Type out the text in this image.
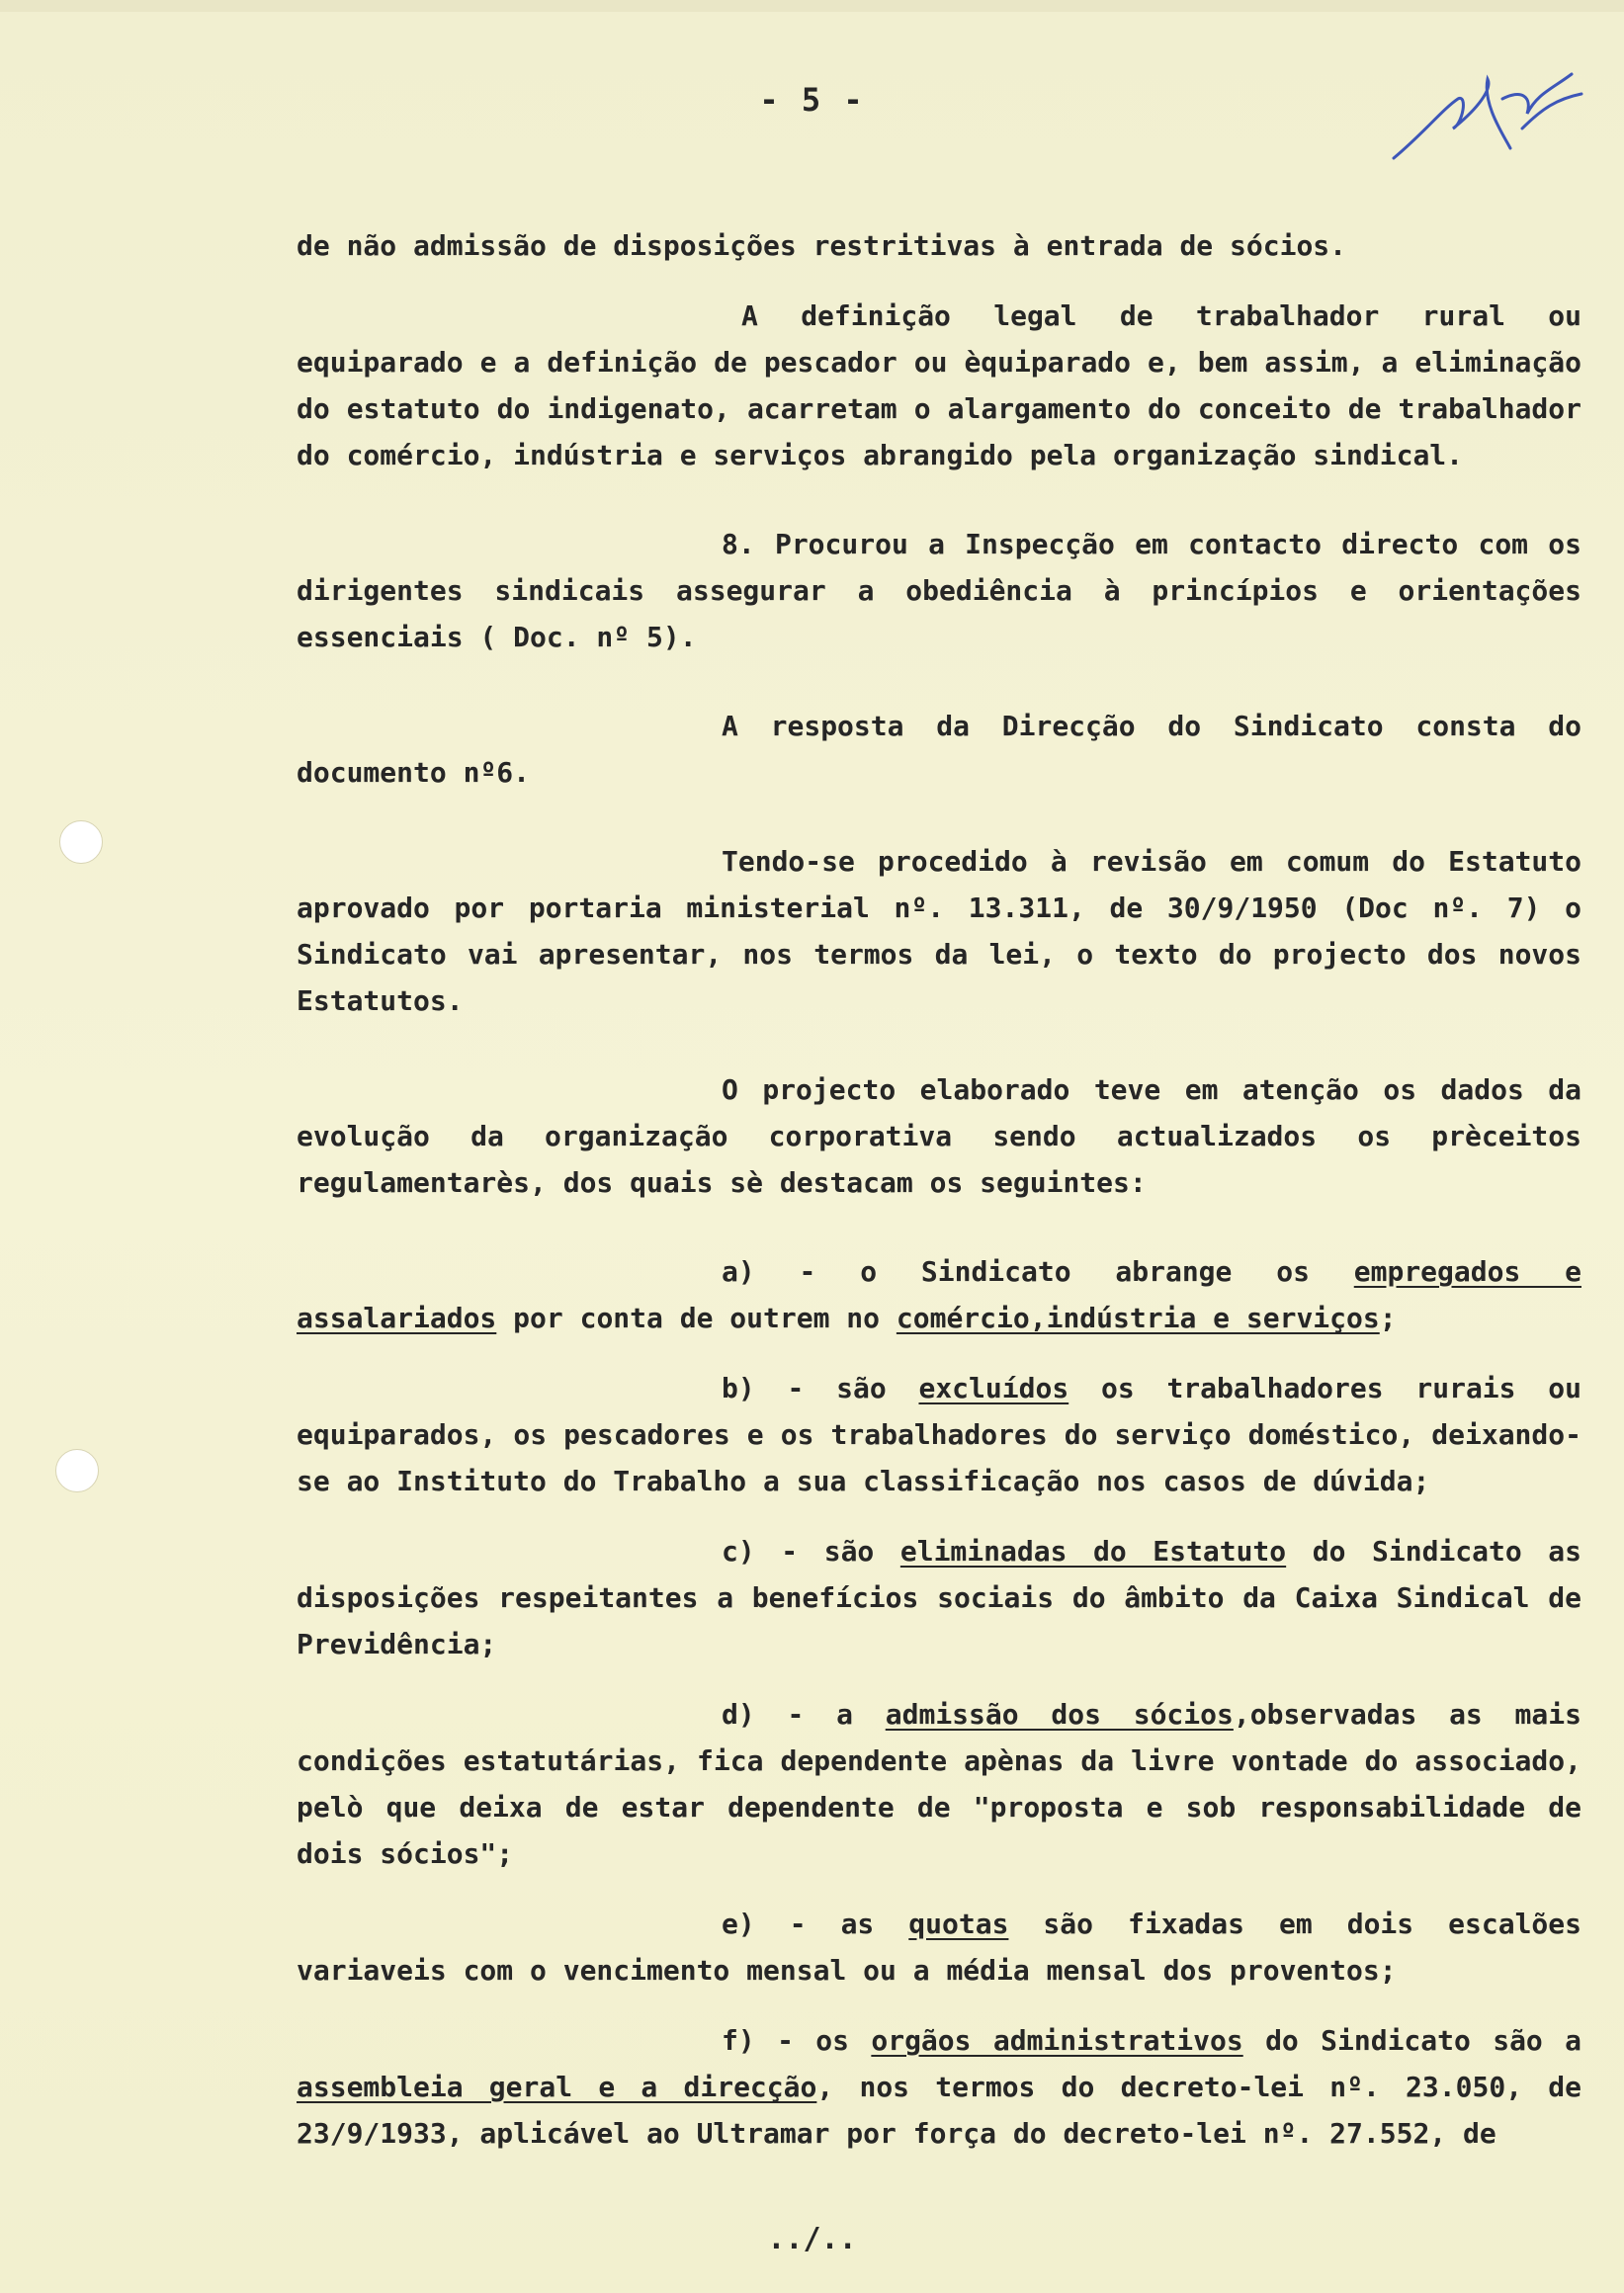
- 5 -

de não admissão de disposições restritivas à entrada de sócios.

A definição legal de trabalhador rural ou equiparado e a definição de pescador ou èquiparado e, bem assim, a eliminação do estatuto do indigenato, acarretam o alargamento do conceito de trabalhador do comércio, indústria e serviços abrangido pela organização sindical.

8. Procurou a Inspecção em contacto directo com os dirigentes sindicais assegurar a obediência à princípios e orientações essenciais ( Doc. nº 5).

A resposta da Direcção do Sindicato consta do documento nº6.

Tendo-se procedido à revisão em comum do Estatuto aprovado por portaria ministerial nº. 13.311, de 30/9/1950 (Doc nº. 7) o Sindicato vai apresentar, nos termos da lei, o texto do projecto dos novos Estatutos.

O projecto elaborado teve em atenção os dados da evolução da organização corporativa sendo actualizados os prèceitos regulamentarès, dos quais sè destacam os seguintes:

a) - o Sindicato abrange os empregados e assalariados por conta de outrem no comércio,indústria e serviços;

b) - são excluídos os trabalhadores rurais ou equiparados, os pescadores e os trabalhadores do serviço doméstico, deixando-se ao Instituto do Trabalho a sua classificação nos casos de dúvida;

c) - são eliminadas do Estatuto do Sindicato as disposições respeitantes a benefícios sociais do âmbito da Caixa Sindical de Previdência;

d) - a admissão dos sócios,observadas as mais condições estatutárias, fica dependente apènas da livre vontade do associado, pelò que deixa de estar dependente de "proposta e sob responsabilidade de dois sócios";

e) - as quotas são fixadas em dois escalões variaveis com o vencimento mensal ou a média mensal dos proventos;

f) - os orgãos administrativos do Sindicato são a assembleia geral e a direcção, nos termos do decreto-lei nº. 23.050, de 23/9/1933, aplicável ao Ultramar por força do decreto-lei nº. 27.552, de

../..
